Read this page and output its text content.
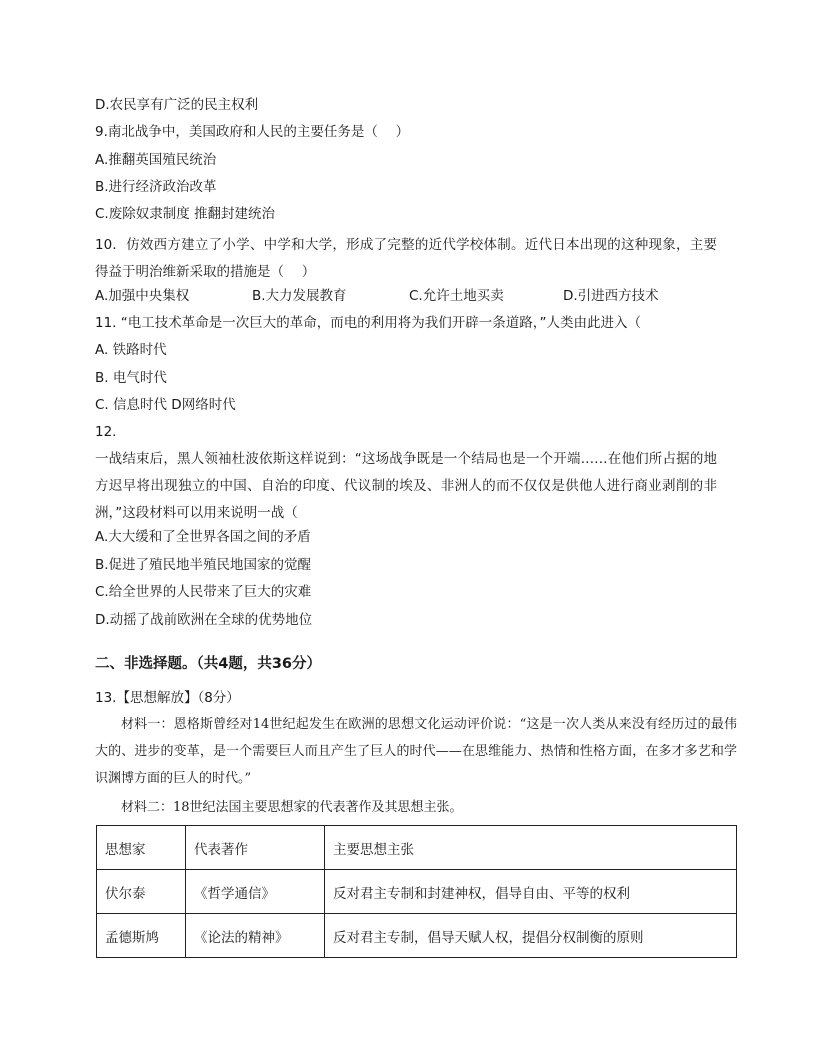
D.农民享有广泛的民主权利
9.南北战争中，美国政府和人民的主要任务是（　 ）
A.推翻英国殖民统治
B.进行经济政治改革
C.废除奴隶制度 推翻封建统治
10．仿效西方建立了小学、中学和大学，形成了完整的近代学校体制。近代日本出现的这种现象，主要得益于明治维新采取的措施是（　 ）
A.加强中央集权	B.大力发展教育	C.允许土地买卖	D.引进西方技术
11. “电工技术革命是一次巨大的革命，而电的利用将为我们开辟一条道路，”人类由此进入（
A. 铁路时代
B. 电气时代
C. 信息时代 D网络时代
12.
一战结束后，黑人领袖杜波依斯这样说到：“这场战争既是一个结局也是一个开端……在他们所占据的地方迟早将出现独立的中国、自治的印度、代议制的埃及、非洲人的而不仅仅是供他人进行商业剥削的非洲，”这段材料可以用来说明一战（
A.大大缓和了全世界各国之间的矛盾
B.促进了殖民地半殖民地国家的觉醒
C.给全世界的人民带来了巨大的灾难
D.动摇了战前欧洲在全球的优势地位
二、非选择题。（共4题，共36分）
13.【思想解放】（8分）
材料一：恩格斯曾经对14世纪起发生在欧洲的思想文化运动评价说：“这是一次人类从来没有经历过的最伟大的、进步的变革，是一个需要巨人而且产生了巨人的时代——在思维能力、热情和性格方面，在多才多艺和学识渊博方面的巨人的时代。”
材料二：18世纪法国主要思想家的代表著作及其思想主张。
思想家	代表著作	主要思想主张
伏尔泰	《哲学通信》	反对君主专制和封建神权，倡导自由、平等的权利
孟德斯鸠	《论法的精神》	反对君主专制，倡导天赋人权，提倡分权制衡的原则
